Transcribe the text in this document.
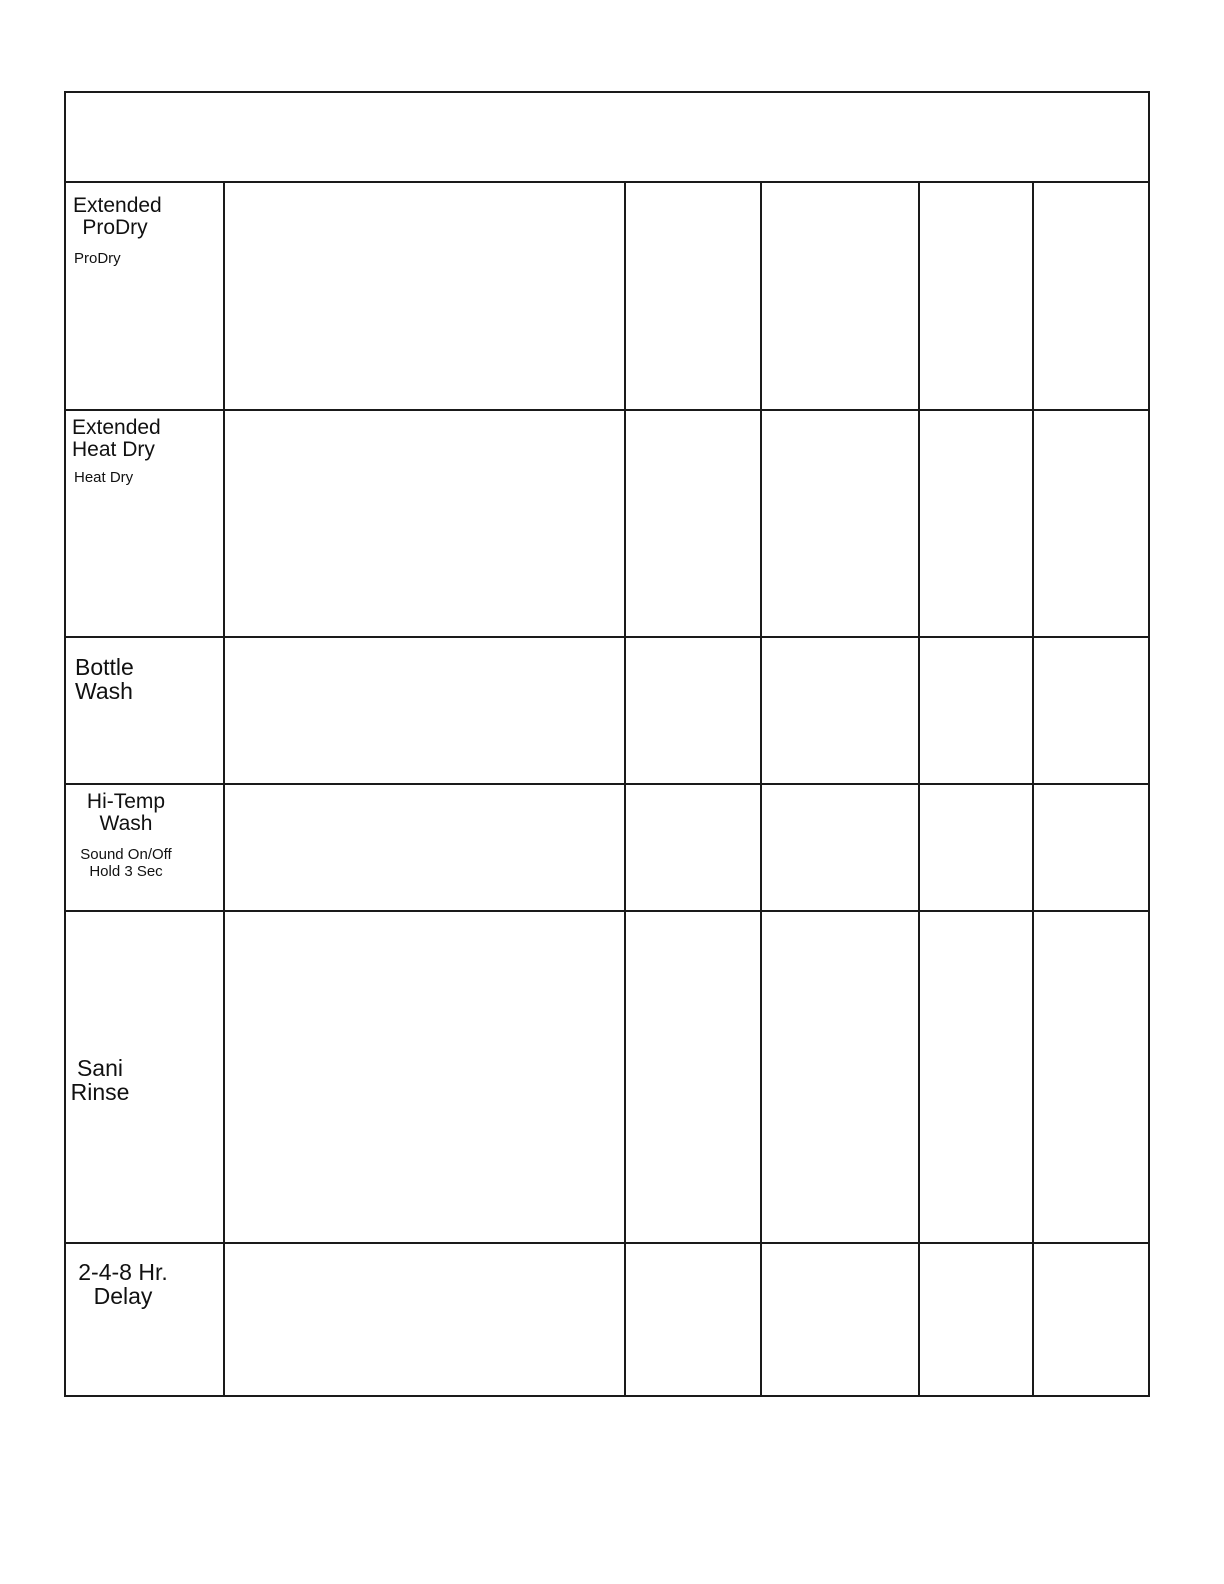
Extended
ProDry
ProDry
Extended
Heat Dry
Heat Dry
Bottle
Wash
Hi-Temp
Wash
Sound On/Off
Hold 3 Sec
Sani
Rinse
2-4-8 Hr.
Delay
